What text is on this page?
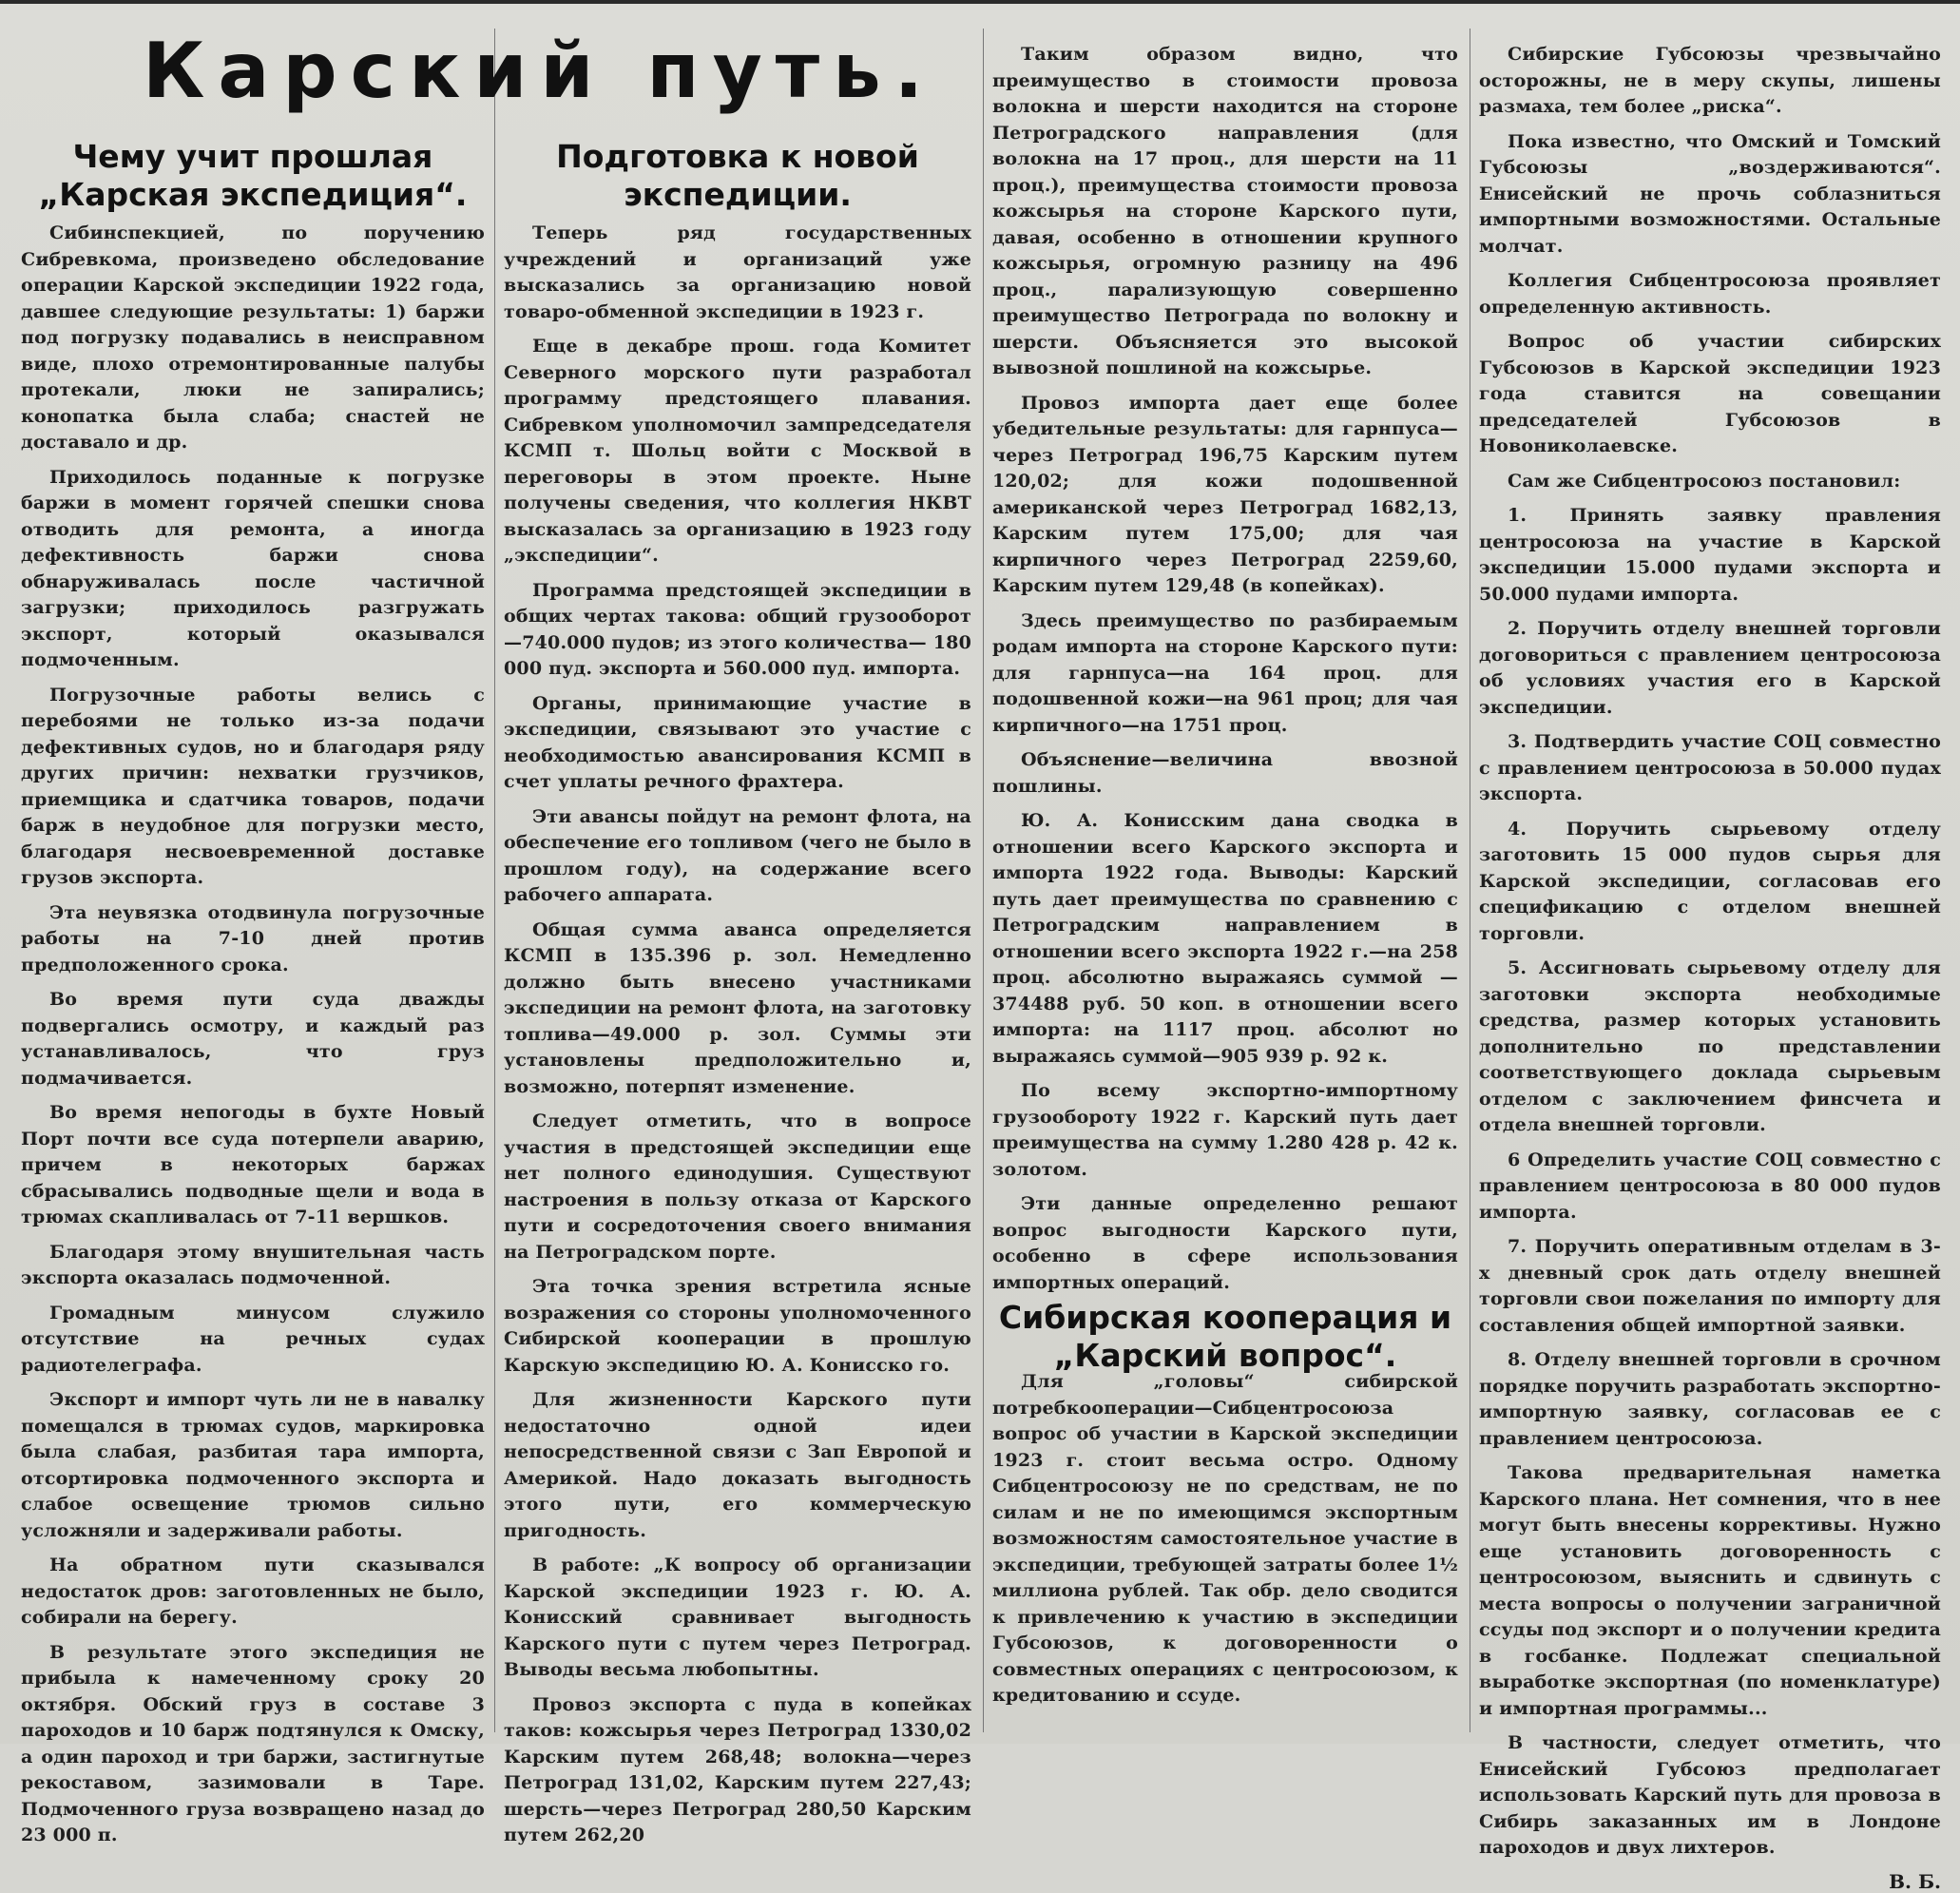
Карский путь.
Чему учит прошлая „Карская экспедиция“.

Сибинспекцией, по поручению Сибревкома, произведено обследование операции Карской экспедиции 1922 года, давшее следующие результаты: 1) баржи под погрузку подавались в неисправном виде, плохо отремонтированные палубы протекали, люки не запирались; конопатка была слаба; снастей не доставало и др.

Приходилось поданные к погрузке баржи в момент горячей спешки снова отводить для ремонта, а иногда дефективность баржи снова обнаруживалась после частичной загрузки; приходилось разгружать экспорт, который оказывался подмоченным.

Погрузочные работы велись с перебоями не только из-за подачи дефективных судов, но и благодаря ряду других причин: нехватки грузчиков, приемщика и сдатчика товаров, подачи барж в неудобное для погрузки место, благодаря несвоевременной доставке грузов экспорта.

Эта неувязка отодвинула погрузочные работы на 7-10 дней против предположенного срока.

Во время пути суда дважды подвергались осмотру, и каждый раз устанавливалось, что груз подмачивается.

Во время непогоды в бухте Новый Порт почти все суда потерпели аварию, причем в некоторых баржах сбрасывались подводные щели и вода в трюмах скапливалась от 7-11 вершков.

Благодаря этому внушительная часть экспорта оказалась подмоченной.

Громадным минусом служило отсутствие на речных судах радиотелеграфа.

Экспорт и импорт чуть ли не в навалку помещался в трюмах судов, маркировка была слабая, разбитая тара импорта, отсортировка подмоченного экспорта и слабое освещение трюмов сильно усложняли и задерживали работы.

На обратном пути сказывался недостаток дров: заготовленных не было, собирали на берегу.

В результате этого экспедиция не прибыла к намеченному сроку 20 октября. Обский груз в составе 3 пароходов и 10 барж подтянулся к Омску, а один пароход и три баржи, застигнутые рекоставом, зазимовали в Таре. Подмоченного груза возвращено назад до 23 000 п.

Подготовка к новой экспедиции.

Теперь ряд государственных учреждений и организаций уже высказались за организацию новой товаро-обменной экспедиции в 1923 г.

Еще в декабре прош. года Комитет Северного морского пути разработал программу предстоящего плавания. Сибревком уполномочил зампредседателя КСМП т. Шольц войти с Москвой в переговоры в этом проекте. Ныне получены сведения, что коллегия НКВТ высказалась за организацию в 1923 году „экспедиции“.

Программа предстоящей экспедиции в общих чертах такова: общий грузооборот —740.000 пудов; из этого количества— 180 000 пуд. экспорта и 560.000 пуд. импорта.

Органы, принимающие участие в экспедиции, связывают это участие с необходимостью авансирования КСМП в счет уплаты речного фрахтера.

Эти авансы пойдут на ремонт флота, на обеспечение его топливом (чего не было в прошлом году), на содержание всего рабочего аппарата.

Общая сумма аванса определяется КСМП в 135.396 р. зол. Немедленно должно быть внесено участниками экспедиции на ремонт флота, на заготовку топлива—49.000 р. зол. Суммы эти установлены предположительно и, возможно, потерпят изменение.

Следует отметить, что в вопросе участия в предстоящей экспедиции еще нет полного единодушия. Существуют настроения в пользу отказа от Карского пути и сосредоточения своего внимания на Петроградском порте.

Эта точка зрения встретила ясные возражения со стороны уполномоченного Сибирской кооперации в прошлую Карскую экспедицию Ю. А. Конисско го.

Для жизненности Карского пути недостаточно одной идеи непосредственной связи с Зап Европой и Америкой. Надо доказать выгодность этого пути, его коммерческую пригодность.

В работе: „К вопросу об организации Карской экспедиции 1923 г. Ю. А. Конисский сравнивает выгодность Карского пути с путем через Петроград. Выводы весьма любопытны.

Провоз экспорта с пуда в копейках таков: кожсырья через Петроград 1330,02 Карским путем 268,48; волокна—через Петроград 131,02, Карским путем 227,43; шерсть—через Петроград 280,50 Карским путем 262,20

Таким образом видно, что преимущество в стоимости провоза волокна и шерсти находится на стороне Петроградского направления (для волокна на 17 проц., для шерсти на 11 проц.), преимущества стоимости провоза кожсырья на стороне Карского пути, давая, особенно в отношении крупного кожсырья, огромную разницу на 496 проц., парализующую совершенно преимущество Петрограда по волокну и шерсти. Объясняется это высокой вывозной пошлиной на кожсырье.

Провоз импорта дает еще более убедительные результаты: для гарнпуса—через Петроград 196,75 Карским путем 120,02; для кожи подошвенной американской через Петроград 1682,13, Карским путем 175,00; для чая кирпичного через Петроград 2259,60, Карским путем 129,48 (в копейках).

Здесь преимущество по разбираемым родам импорта на стороне Карского пути: для гарнпуса—на 164 проц. для подошвенной кожи—на 961 проц; для чая кирпичного—на 1751 проц.

Объяснение—величина ввозной пошлины.

Ю. А. Конисским дана сводка в отношении всего Карского экспорта и импорта 1922 года. Выводы: Карский путь дает преимущества по сравнению с Петроградским направлением в отношении всего экспорта 1922 г.—на 258 проц. абсолютно выражаясь суммой —374488 руб. 50 коп. в отношении всего импорта: на 1117 проц. абсолют но выражаясь суммой—905 939 р. 92 к.

По всему экспортно-импортному грузообороту 1922 г. Карский путь дает преимущества на сумму 1.280 428 р. 42 к. золотом.

Эти данные определенно решают вопрос выгодности Карского пути, особенно в сфере использования импортных операций.

Сибирская кооперация и „Карский вопрос“.

Для „головы“ сибирской потребкооперации—Сибцентросоюза вопрос об участии в Карской экспедиции 1923 г. стоит весьма остро. Одному Сибцентросоюзу не по средствам, не по силам и не по имеющимся экспортным возможностям самостоятельное участие в экспедиции, требующей затраты более 1½ миллиона рублей. Так обр. дело сводится к привлечению к участию в экспедиции Губсоюзов, к договоренности о совместных операциях с центросоюзом, к кредитованию и ссуде.

Сибирские Губсоюзы чрезвычайно осторожны, не в меру скупы, лишены размаха, тем более „риска“.

Пока известно, что Омский и Томский Губсоюзы „воздерживаются“. Енисейский не прочь соблазниться импортными возможностями. Остальные молчат.

Коллегия Сибцентросоюза проявляет определенную активность.

Вопрос об участии сибирских Губсоюзов в Карской экспедиции 1923 года ставится на совещании председателей Губсоюзов в Новониколаевске.

Сам же Сибцентросоюз постановил:

1. Принять заявку правления центросоюза на участие в Карской экспедиции 15.000 пудами экспорта и 50.000 пудами импорта.

2. Поручить отделу внешней торговли договориться с правлением центросоюза об условиях участия его в Карской экспедиции.

3. Подтвердить участие СОЦ совместно с правлением центросоюза в 50.000 пудах экспорта.

4. Поручить сырьевому отделу заготовить 15 000 пудов сырья для Карской экспедиции, согласовав его спецификацию с отделом внешней торговли.

5. Ассигновать сырьевому отделу для заготовки экспорта необходимые средства, размер которых установить дополнительно по представлении соответствующего доклада сырьевым отделом с заключением финсчета и отдела внешней торговли.

6 Определить участие СОЦ совместно с правлением центросоюза в 80 000 пудов импорта.

7. Поручить оперативным отделам в 3-х дневный срок дать отделу внешней торговли свои пожелания по импорту для составления общей импортной заявки.

8. Отделу внешней торговли в срочном порядке поручить разработать экспортно-импортную заявку, согласовав ее с правлением центросоюза.

Такова предварительная наметка Карского плана. Нет сомнения, что в нее могут быть внесены коррективы. Нужно еще установить договоренность с центросоюзом, выяснить и сдвинуть с места вопросы о получении заграничной ссуды под экспорт и о получении кредита в госбанке. Подлежат специальной выработке экспортная (по номенклатуре) и импортная программы...

В частности, следует отметить, что Енисейский Губсоюз предполагает использовать Карский путь для провоза в Сибирь заказанных им в Лондоне пароходов и двух лихтеров.

В. Б.
